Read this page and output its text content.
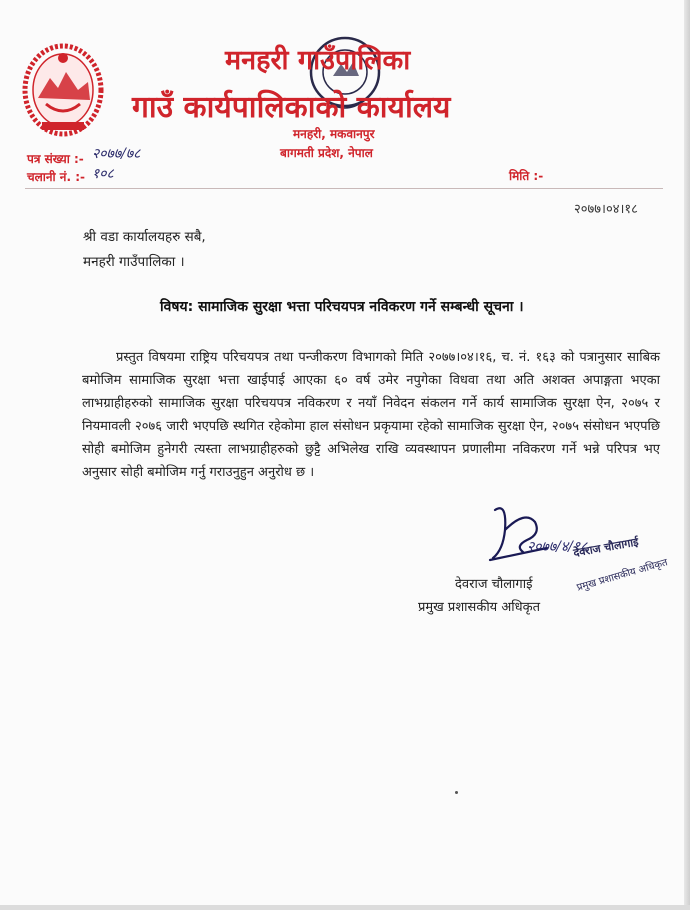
मनहरी गाउँपालिका
गाउँ कार्यपालिकाको कार्यालय
मनहरी, मकवानपुर
बागमती प्रदेश, नेपाल
पत्र संख्या :- २०७७/७८
चलानी नं. :- १०८	मिति :-
२०७७।०४।१८
श्री वडा कार्यालयहरु सबै,
मनहरी गाउँपालिका ।
विषय: सामाजिक सुरक्षा भत्ता परिचयपत्र नविकरण गर्ने सम्बन्धी सूचना ।
प्रस्तुत विषयमा राष्ट्रिय परिचयपत्र तथा पन्जीकरण विभागको मिति २०७७।०४।१६, च. नं. १६३ को पत्रानुसार साबिक बमोजिम सामाजिक सुरक्षा भत्ता खाईपाई आएका ६० वर्ष उमेर नपुगेका विधवा तथा अति अशक्त अपाङ्गता भएका लाभग्राहीहरुको सामाजिक सुरक्षा परिचयपत्र नविकरण र नयाँ निवेदन संकलन गर्ने कार्य सामाजिक सुरक्षा ऐन, २०७५ र नियमावली २०७६ जारी भएपछि स्थगित रहेकोमा हाल संसोधन प्रकृयामा रहेको सामाजिक सुरक्षा ऐन, २०७५ संसोधन भएपछि सोही बमोजिम हुनेगरी त्यस्ता लाभग्राहीहरुको छुट्टै अभिलेख राखि व्यवस्थापन प्रणालीमा नविकरण गर्ने भन्ने परिपत्र भए अनुसार सोही बमोजिम गर्नु गराउनुहुन अनुरोध छ ।
२०७७/४/१८
देवराज चौलागाई
प्रमुख प्रशासकीय अधिकृत
देवराज चौलागाई
प्रमुख प्रशासकीय अधिकृत
